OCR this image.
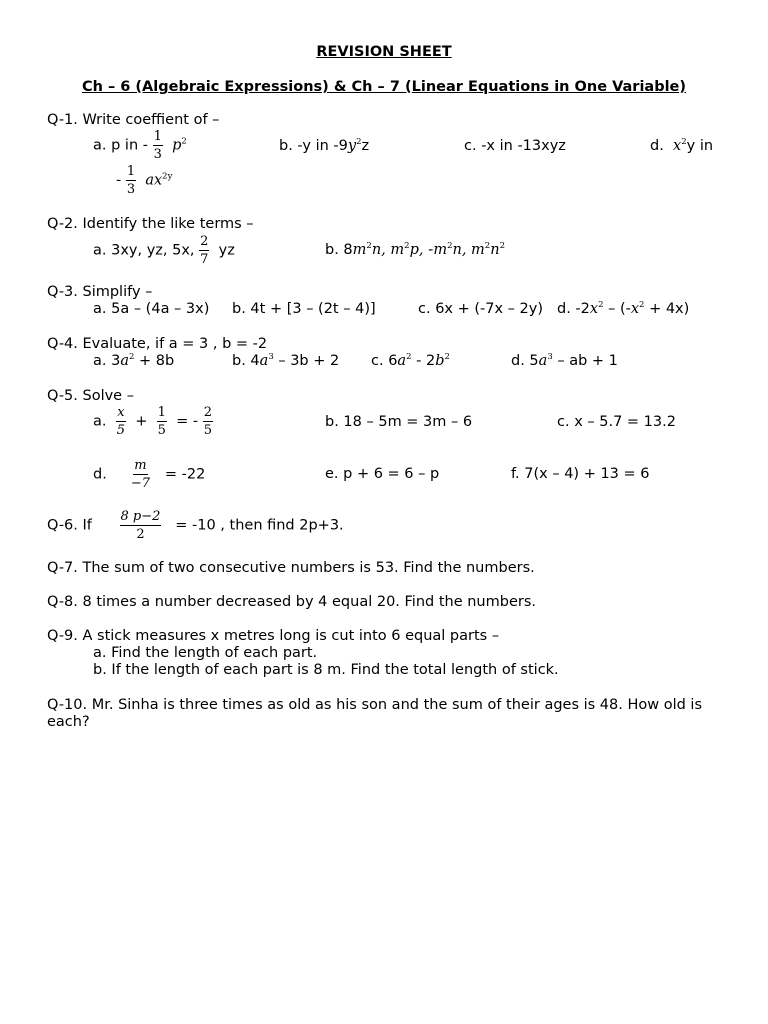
REVISION SHEET
Ch – 6 (Algebraic Expressions) & Ch – 7 (Linear Equations in One Variable)
Q-1. Write coeffient of –
a. p in - $\frac{1}{3} p^2$	b. -y in $-9y^2z$	c. -x in -13xyz	d. $x^2y$ in
- $\frac{1}{3} ax^{2y}$
Q-2. Identify the like terms –
a. 3xy, yz, 5x, $\frac{2}{7}$ yz	b. $8m^2n$, $m^2p$, $-m^2n$, $m^2n^2$
Q-3. Simplify –
a. 5a – (4a – 3x) b. 4t + [3 – (2t – 4)]	c. 6x + (-7x – 2y) d. $-2x^2 - (-x^2 + 4x)$
Q-4. Evaluate, if a = 3 , b = -2
a. $3a^2 + 8b$	b. $4a^3 - 3b + 2$ c. $6a^2 - 2b^2$	d. $5a^3$ – ab + 1
Q-5. Solve –
a. $\frac{x}{5} + \frac{1}{5}$ = - $\frac{2}{5}$	b. 18 – 5m = 3m – 6	c. x – 5.7 = 13.2
d. $\frac{m}{-7} = -22$	e. p + 6 = 6 – p	f. 7(x – 4) + 13 = 6
Q-6. If $\frac{8 p-2}{2} = -10$ , then find 2p+3.
Q-7. The sum of two consecutive numbers is 53. Find the numbers.
Q-8. 8 times a number decreased by 4 equal 20. Find the numbers.
Q-9. A stick measures x metres long is cut into 6 equal parts –
a. Find the length of each part.
b. If the length of each part is 8 m. Find the total length of stick.
Q-10. Mr. Sinha is three times as old as his son and the sum of their ages is 48. How old is each?
